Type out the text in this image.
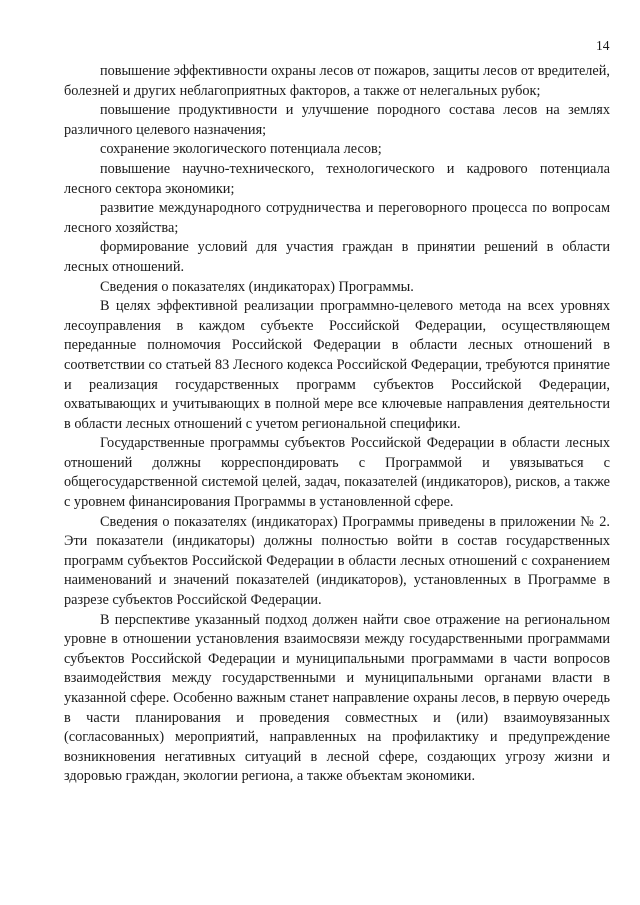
14

повышение эффективности охраны лесов от пожаров, защиты лесов от вредителей, болезней и других неблагоприятных факторов, а также от нелегальных рубок;

повышение продуктивности и улучшение породного состава лесов на землях различного целевого назначения;

сохранение экологического потенциала лесов;

повышение научно-технического, технологического и кадрового потенциала лесного сектора экономики;

развитие международного сотрудничества и переговорного процесса по вопросам лесного хозяйства;

формирование условий для участия граждан в принятии решений в области лесных отношений.

Сведения о показателях (индикаторах) Программы.

В целях эффективной реализации программно-целевого метода на всех уровнях лесоуправления в каждом субъекте Российской Федерации, осуществляющем переданные полномочия Российской Федерации в области лесных отношений в соответствии со статьей 83 Лесного кодекса Российской Федерации, требуются принятие и реализация государственных программ субъектов Российской Федерации, охватывающих и учитывающих в полной мере все ключевые направления деятельности в области лесных отношений с учетом региональной специфики.

Государственные программы субъектов Российской Федерации в области лесных отношений должны корреспондировать с Программой и увязываться с общегосударственной системой целей, задач, показателей (индикаторов), рисков, а также с уровнем финансирования Программы в установленной сфере.

Сведения о показателях (индикаторах) Программы приведены в приложении № 2. Эти показатели (индикаторы) должны полностью войти в состав государственных программ субъектов Российской Федерации в области лесных отношений с сохранением наименований и значений показателей (индикаторов), установленных в Программе в разрезе субъектов Российской Федерации.

В перспективе указанный подход должен найти свое отражение на региональном уровне в отношении установления взаимосвязи между государственными программами субъектов Российской Федерации и муниципальными программами в части вопросов взаимодействия между государственными и муниципальными органами власти в указанной сфере. Особенно важным станет направление охраны лесов, в первую очередь в части планирования и проведения совместных и (или) взаимоувязанных (согласованных) мероприятий, направленных на профилактику и предупреждение возникновения негативных ситуаций в лесной сфере, создающих угрозу жизни и здоровью граждан, экологии региона, а также объектам экономики.
